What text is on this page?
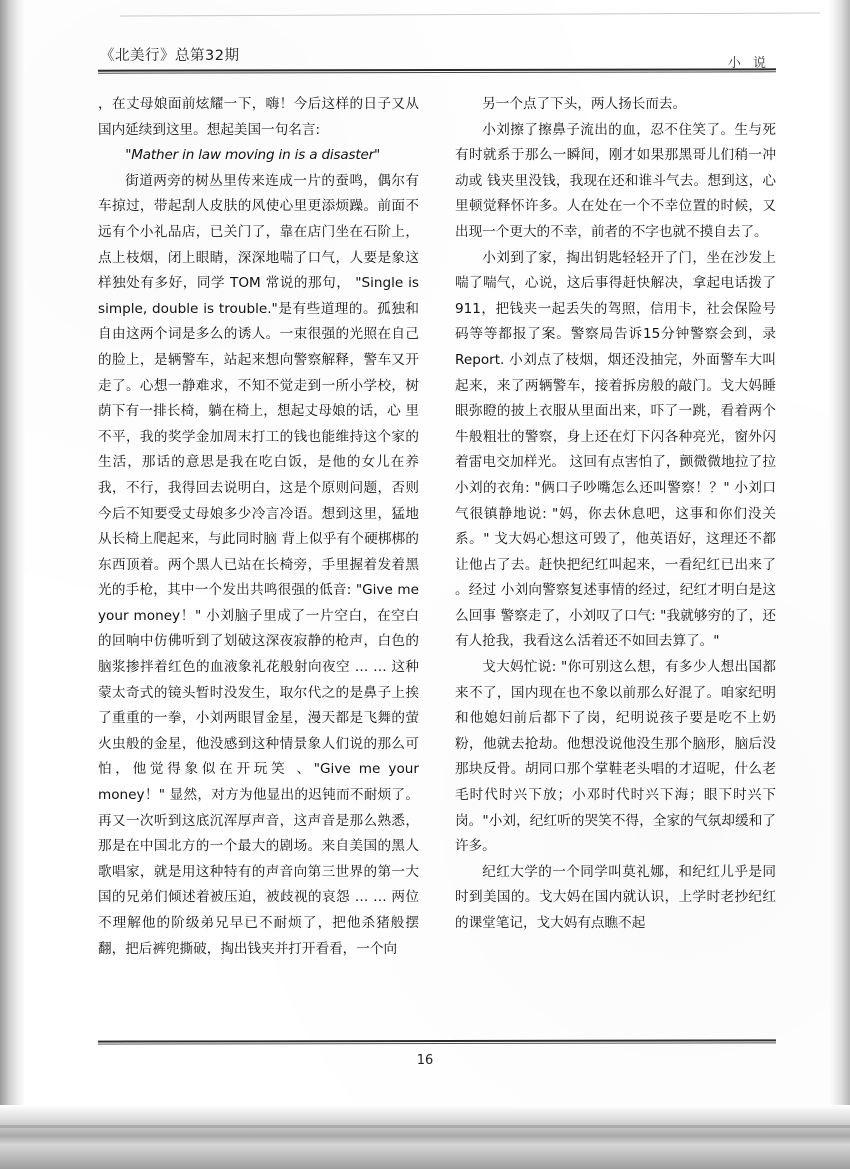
《北美行》总第32期	小 说

，在丈母娘面前炫耀一下，嗨！今后这样的日子又从国内延续到这里。想起美国一句名言:

"Mather in law moving in is a disaster"

街道两旁的树丛里传来连成一片的蚕鸣，偶尔有车掠过，带起刮人皮肤的风使心里更添烦躁。前面不远有个小礼品店，已关门了，靠在店门坐在石阶上，点上枝烟，闭上眼睛，深深地喘了口气，人要是象这样独处有多好，同学 TOM 常说的那句， "Single is simple, double is trouble."是有些道理的。孤独和自由这两个词是多么的诱人。一束很强的光照在自己的脸上，是辆警车，站起来想向警察解释，警车又开走了。心想一静难求，不知不觉走到一所小学校，树荫下有一排长椅，躺在椅上，想起丈母娘的话，心 里不平，我的奖学金加周末打工的钱也能维持这个家的生活，那话的意思是我在吃白饭，是他的女儿在养我，不行，我得回去说明白，这是个原则问题，否则今后不知要受丈母娘多少冷言冷语。想到这里，猛地从长椅上爬起来，与此同时脑 背上似乎有个硬梆梆的东西顶着。两个黑人已站在长椅旁，手里握着发着黑光的手枪，其中一个发出共鸣很强的低音: "Give me your money！" 小刘脑子里成了一片空白，在空白的回响中仿佛听到了划破这深夜寂静的枪声，白色的脑浆掺拌着红色的血液象礼花般射向夜空 … … 这种蒙太奇式的镜头暂时没发生，取尔代之的是鼻子上挨了重重的一拳，小刘两眼冒金星，漫天都是飞舞的萤火虫般的金星，他没感到这种情景象人们说的那么可怕，他觉得象似在开玩笑 、"Give me your money！" 显然，对方为他显出的迟钝而不耐烦了。再又一次听到这底沉浑厚声音，这声音是那么熟悉，那是在中国北方的一个最大的剧场。来自美国的黑人歌唱家，就是用这种特有的声音向第三世界的第一大国的兄弟们倾述着被压迫，被歧视的哀怨 … … 两位不理解他的阶级弟兄早已不耐烦了，把他杀猪般摆翻，把后裤兜撕破，掏出钱夹并打开看看，一个向

另一个点了下头，两人扬长而去。

小刘擦了擦鼻子流出的血，忍不住笑了。生与死有时就系于那么一瞬间，刚才如果那黑哥儿们稍一冲动或 钱夹里没钱，我现在还和谁斗气去。想到这，心里顿觉释怀许多。人在处在一个不幸位置的时候，又出现一个更大的不幸，前者的不字也就不摸自去了。

小刘到了家，掏出钥匙轻轻开了门，坐在沙发上喘了喘气，心说，这后事得赶快解决，拿起电话拨了 911，把钱夹一起丢失的驾照，信用卡，社会保险号码等等都报了案。警察局告诉15分钟警察会到，录 Report. 小刘点了枝烟，烟还没抽完，外面警车大叫起来，来了两辆警车，接着拆房般的敲门。戈大妈睡眼弥瞪的披上衣服从里面出来，吓了一跳，看着两个牛般粗壮的警察，身上还在灯下闪各种亮光，窗外闪着雷电交加样光。 这回有点害怕了，颤微微地拉了拉小刘的衣角: "俩口子吵嘴怎么还叫警察！？" 小刘口气很镇静地说: "妈，你去休息吧，这事和你们没关系。" 戈大妈心想这可毁了，他英语好，这理还不都让他占了去。赶快把纪红叫起来，一看纪红已出来了 。经过 小刘向警察复述事情的经过，纪红才明白是这么回事 警察走了，小刘叹了口气: "我就够穷的了，还有人抢我，我看这么活着还不如回去算了。"

戈大妈忙说: "你可别这么想，有多少人想出国都来不了，国内现在也不象以前那么好混了。咱家纪明和他媳妇前后都下了岗，纪明说孩子要是吃不上奶粉，他就去抢劫。他想没说他没生那个脑形，脑后没那块反骨。胡同口那个掌鞋老头唱的才迢呢，什么老毛时代时兴下放；小邓时代时兴下海；眼下时兴下岗。"小刘，纪红听的哭笑不得，全家的气氛却缓和了许多。

纪红大学的一个同学叫莫礼娜，和纪红儿乎是同时到美国的。戈大妈在国内就认识，上学时老抄纪红的课堂笔记，戈大妈有点瞧不起

16
